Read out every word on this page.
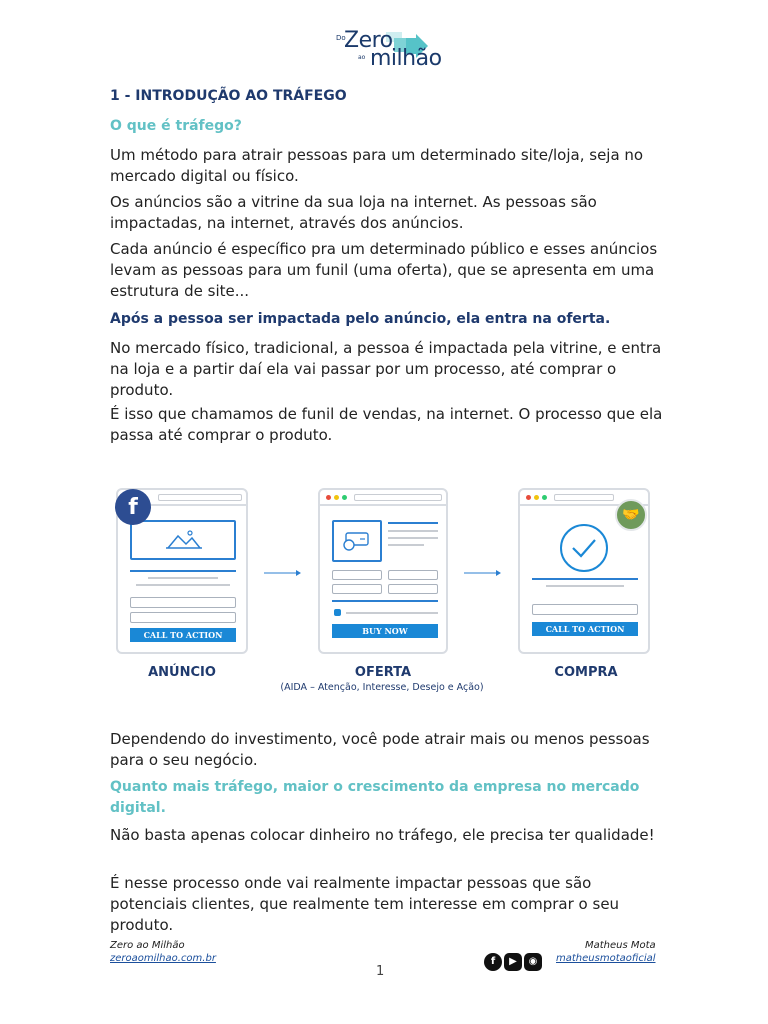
Do
Zero
ao milhão
1 - INTRODUÇÃO AO TRÁFEGO
O que é tráfego?
Um método para atrair pessoas para um determinado site/loja, seja no mercado digital ou físico.
Os anúncios são a vitrine da sua loja na internet. As pessoas são impactadas, na internet, através dos anúncios.
Cada anúncio é específico pra um determinado público e esses anúncios levam as pessoas para um funil (uma oferta), que se apresenta em uma estrutura de site...
Após a pessoa ser impactada pelo anúncio, ela entra na oferta.
No mercado físico, tradicional, a pessoa é impactada pela vitrine, e entra na loja e a partir daí ela vai passar por um processo, até comprar o produto.
É isso que chamamos de funil de vendas, na internet. O processo que ela passa até comprar o produto.
CALL TO ACTION
f
BUY NOW	CALL TO ACTION
🤝
ANÚNCIO	OFERTA	COMPRA
(AIDA – Atenção, Interesse, Desejo e Ação)
Dependendo do investimento, você pode atrair mais ou menos pessoas para o seu negócio.
Quanto mais tráfego, maior o crescimento da empresa no mercado digital.
Não basta apenas colocar dinheiro no tráfego, ele precisa ter qualidade!
É nesse processo onde vai realmente impactar pessoas que são potenciais clientes, que realmente tem interesse em comprar o seu produto.
Zero ao Milhão
zeroaomilhao.com.br	f	▶	◉
Matheus Mota
matheusmotaoficial
1
